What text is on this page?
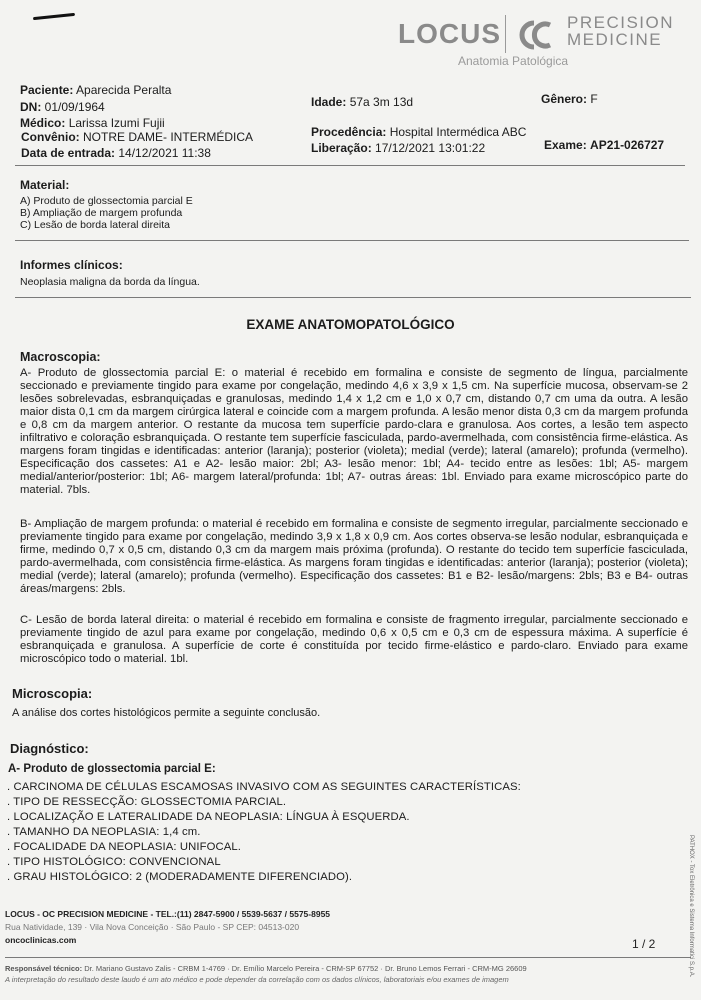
LOCUS	PRECISION
MEDICINE
Anatomia Patológica
Paciente: Aparecida Peralta
DN: 01/09/1964
Médico: Larissa Izumi Fujii
Convênio: NOTRE DAME- INTERMÉDICA
Data de entrada: 14/12/2021 11:38
Idade: 57a 3m 13d	Gênero: F
Procedência: Hospital Intermédica ABC
Liberação: 17/12/2021 13:01:22	Exame: AP21-026727
Material:
A) Produto de glossectomia parcial E
B) Ampliação de margem profunda
C) Lesão de borda lateral direita
Informes clínicos:
Neoplasia maligna da borda da língua.
EXAME ANATOMOPATOLÓGICO
Macroscopia:
A- Produto de glossectomia parcial E: o material é recebido em formalina e consiste de segmento de língua, parcialmente seccionado e previamente tingido para exame por congelação, medindo 4,6 x 3,9 x 1,5 cm. Na superfície mucosa, observam-se 2 lesões sobrelevadas, esbranquiçadas e granulosas, medindo 1,4 x 1,2 cm e 1,0 x 0,7 cm, distando 0,7 cm uma da outra. A lesão maior dista 0,1 cm da margem cirúrgica lateral e coincide com a margem profunda. A lesão menor dista 0,3 cm da margem profunda e 0,8 cm da margem anterior. O restante da mucosa tem superfície pardo-clara e granulosa. Aos cortes, a lesão tem aspecto infiltrativo e coloração esbranquiçada. O restante tem superfície fasciculada, pardo-avermelhada, com consistência firme-elástica. As margens foram tingidas e identificadas: anterior (laranja); posterior (violeta); medial (verde); lateral (amarelo); profunda (vermelho). Especificação dos cassetes: A1 e A2- lesão maior: 2bl; A3- lesão menor: 1bl; A4- tecido entre as lesões: 1bl; A5- margem medial/anterior/posterior: 1bl; A6- margem lateral/profunda: 1bl; A7- outras áreas: 1bl. Enviado para exame microscópico parte do material. 7bls.
B- Ampliação de margem profunda: o material é recebido em formalina e consiste de segmento irregular, parcialmente seccionado e previamente tingido para exame por congelação, medindo 3,9 x 1,8 x 0,9 cm. Aos cortes observa-se lesão nodular, esbranquiçada e firme, medindo 0,7 x 0,5 cm, distando 0,3 cm da margem mais próxima (profunda). O restante do tecido tem superfície fasciculada, pardo-avermelhada, com consistência firme-elástica. As margens foram tingidas e identificadas: anterior (laranja); posterior (violeta); medial (verde); lateral (amarelo); profunda (vermelho). Especificação dos cassetes: B1 e B2- lesão/margens: 2bls; B3 e B4- outras áreas/margens: 2bls.
C- Lesão de borda lateral direita: o material é recebido em formalina e consiste de fragmento irregular, parcialmente seccionado e previamente tingido de azul para exame por congelação, medindo 0,6 x 0,5 cm e 0,3 cm de espessura máxima. A superfície é esbranquiçada e granulosa. A superfície de corte é constituída por tecido firme-elástico e pardo-claro. Enviado para exame microscópico todo o material. 1bl.
Microscopia:
A análise dos cortes histológicos permite a seguinte conclusão.
Diagnóstico:
A- Produto de glossectomia parcial E:
. CARCINOMA DE CÉLULAS ESCAMOSAS INVASIVO COM AS SEGUINTES CARACTERÍSTICAS:
. TIPO DE RESSECÇÃO: GLOSSECTOMIA PARCIAL.
. LOCALIZAÇÃO E LATERALIDADE DA NEOPLASIA: LÍNGUA À ESQUERDA.
. TAMANHO DA NEOPLASIA: 1,4 cm.
. FOCALIDADE DA NEOPLASIA: UNIFOCAL.
. TIPO HISTOLÓGICO: CONVENCIONAL
. GRAU HISTOLÓGICO: 2 (MODERADAMENTE DIFERENCIADO).
LOCUS - OC PRECISION MEDICINE - TEL.:(11) 2847-5900 / 5539-5637 / 5575-8955
Rua Natividade, 139 · Vila Nova Conceição · São Paulo - SP CEP: 04513-020
oncoclinicas.com	1 / 2
Responsável técnico: Dr. Mariano Gustavo Zalis - CRBM 1-4769 · Dr. Emílio Marcelo Pereira - CRM-SP 67752 · Dr. Bruno Lemos Ferrari - CRM-MG 26609
A interpretação do resultado deste laudo é um ato médico e pode depender da correlação com os dados clínicos, laboratoriais e/ou exames de imagem
PATHOX - Tox Eletrônica e Sistema Informatici S.p.A.
